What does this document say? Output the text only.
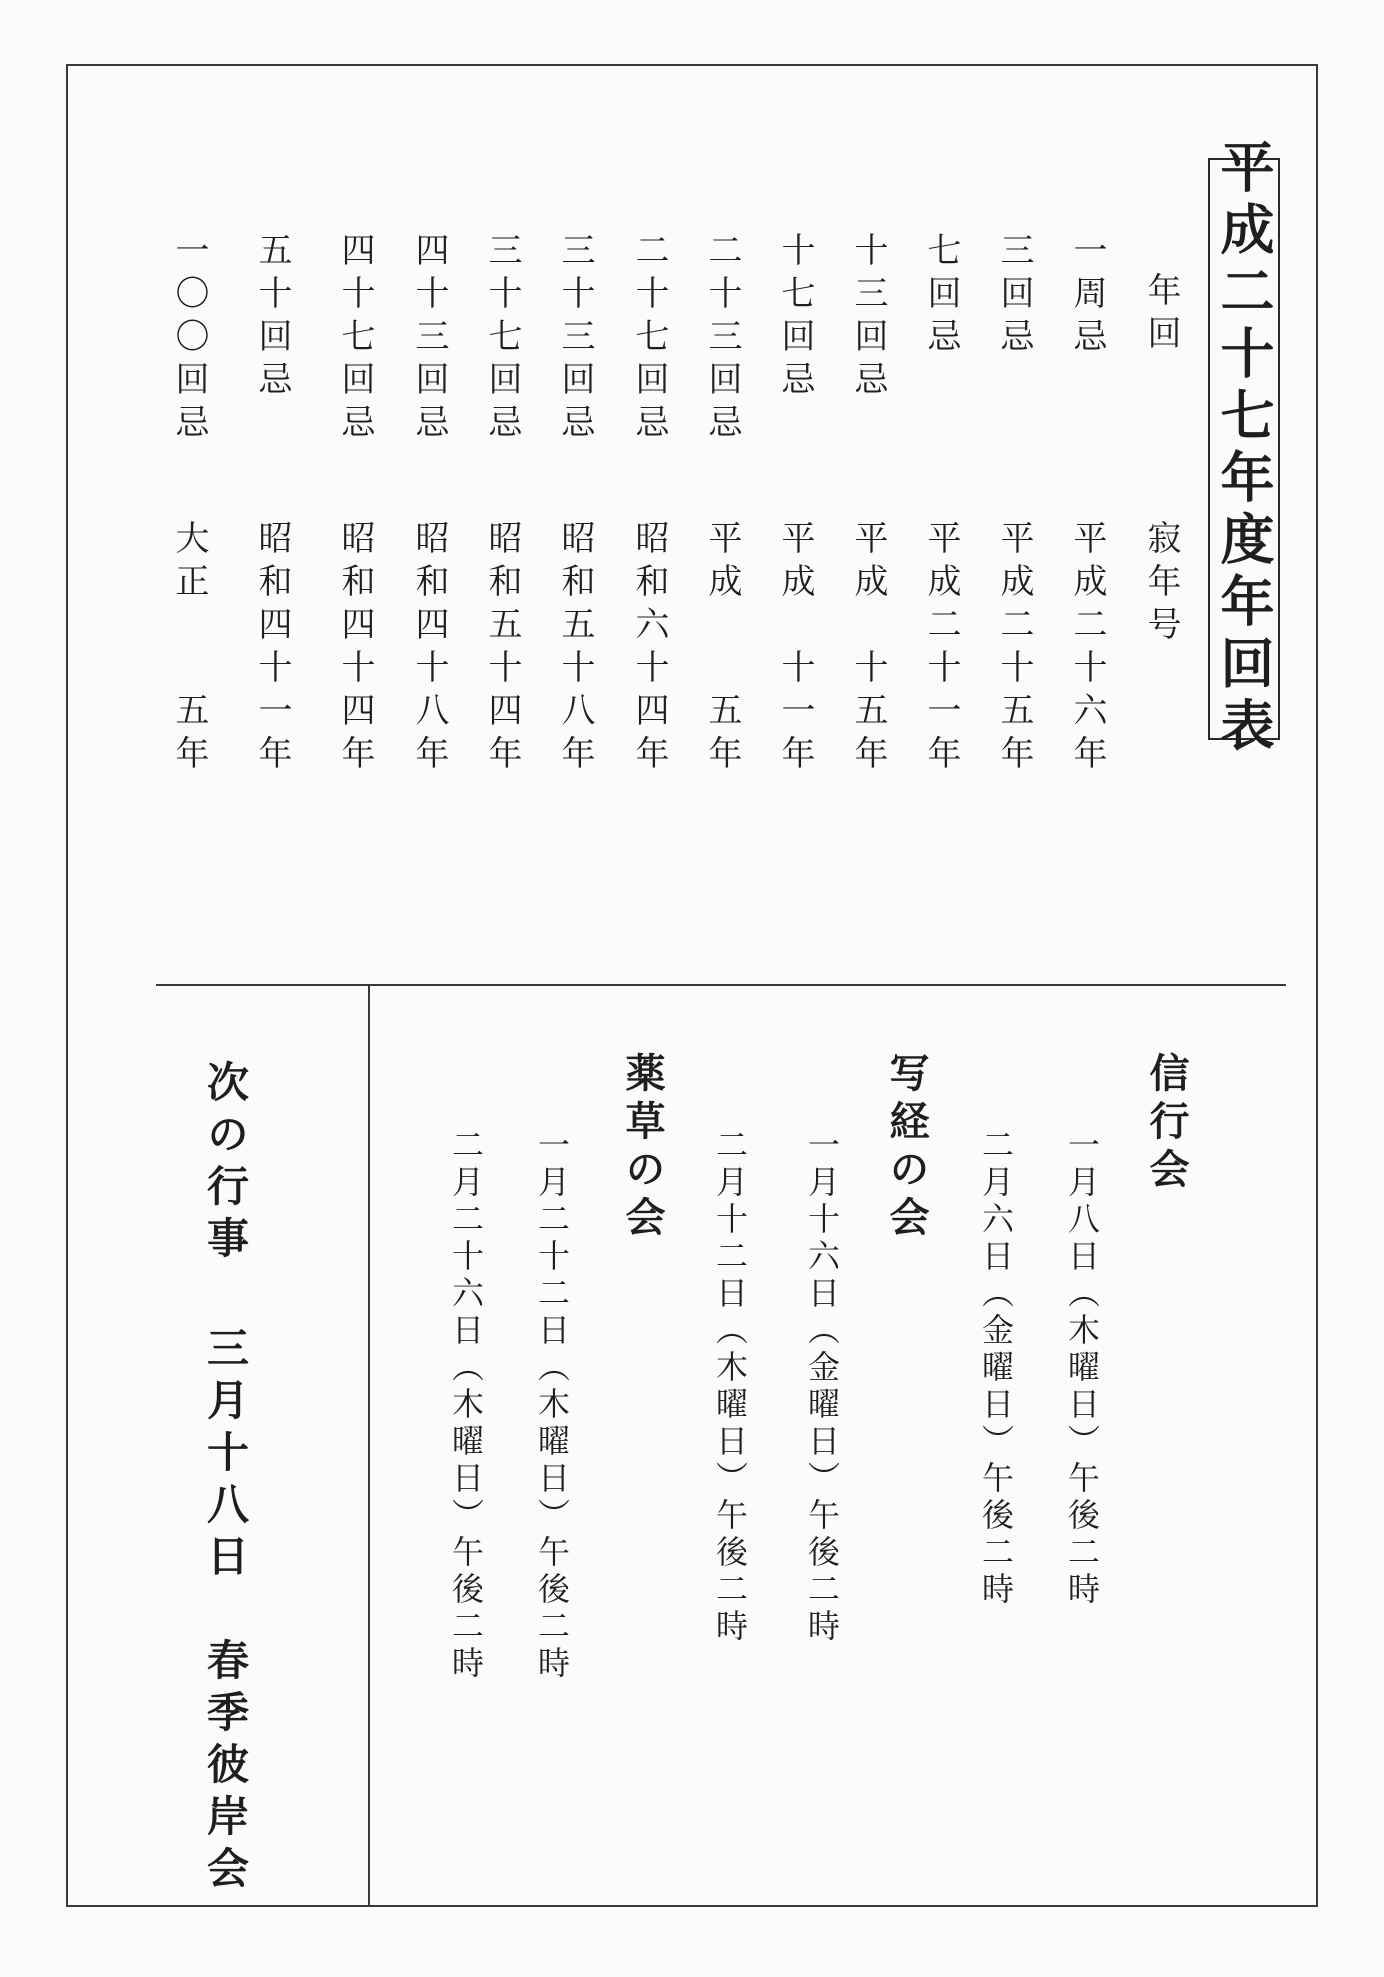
平成二十七年度年回表
年回
寂年号
一周忌
平成二十六年
三回忌
平成二十五年
七回忌
平成二十一年
十三回忌
平成　十五年
十七回忌
平成　十一年
二十三回忌
平成　　五年
二十七回忌
昭和六十四年
三十三回忌
昭和五十八年
三十七回忌
昭和五十四年
四十三回忌
昭和四十八年
四十七回忌
昭和四十四年
五十回忌
昭和四十一年
一〇〇回忌
大正　　五年
信行会
一月八日（木曜日）午後二時
二月六日（金曜日）午後二時
写経の会
一月十六日（金曜日）午後二時
二月十二日（木曜日）午後二時
薬草の会
一月二十二日（木曜日）午後二時
二月二十六日（木曜日）午後二時
次の行事
三月十八日　春季彼岸会
